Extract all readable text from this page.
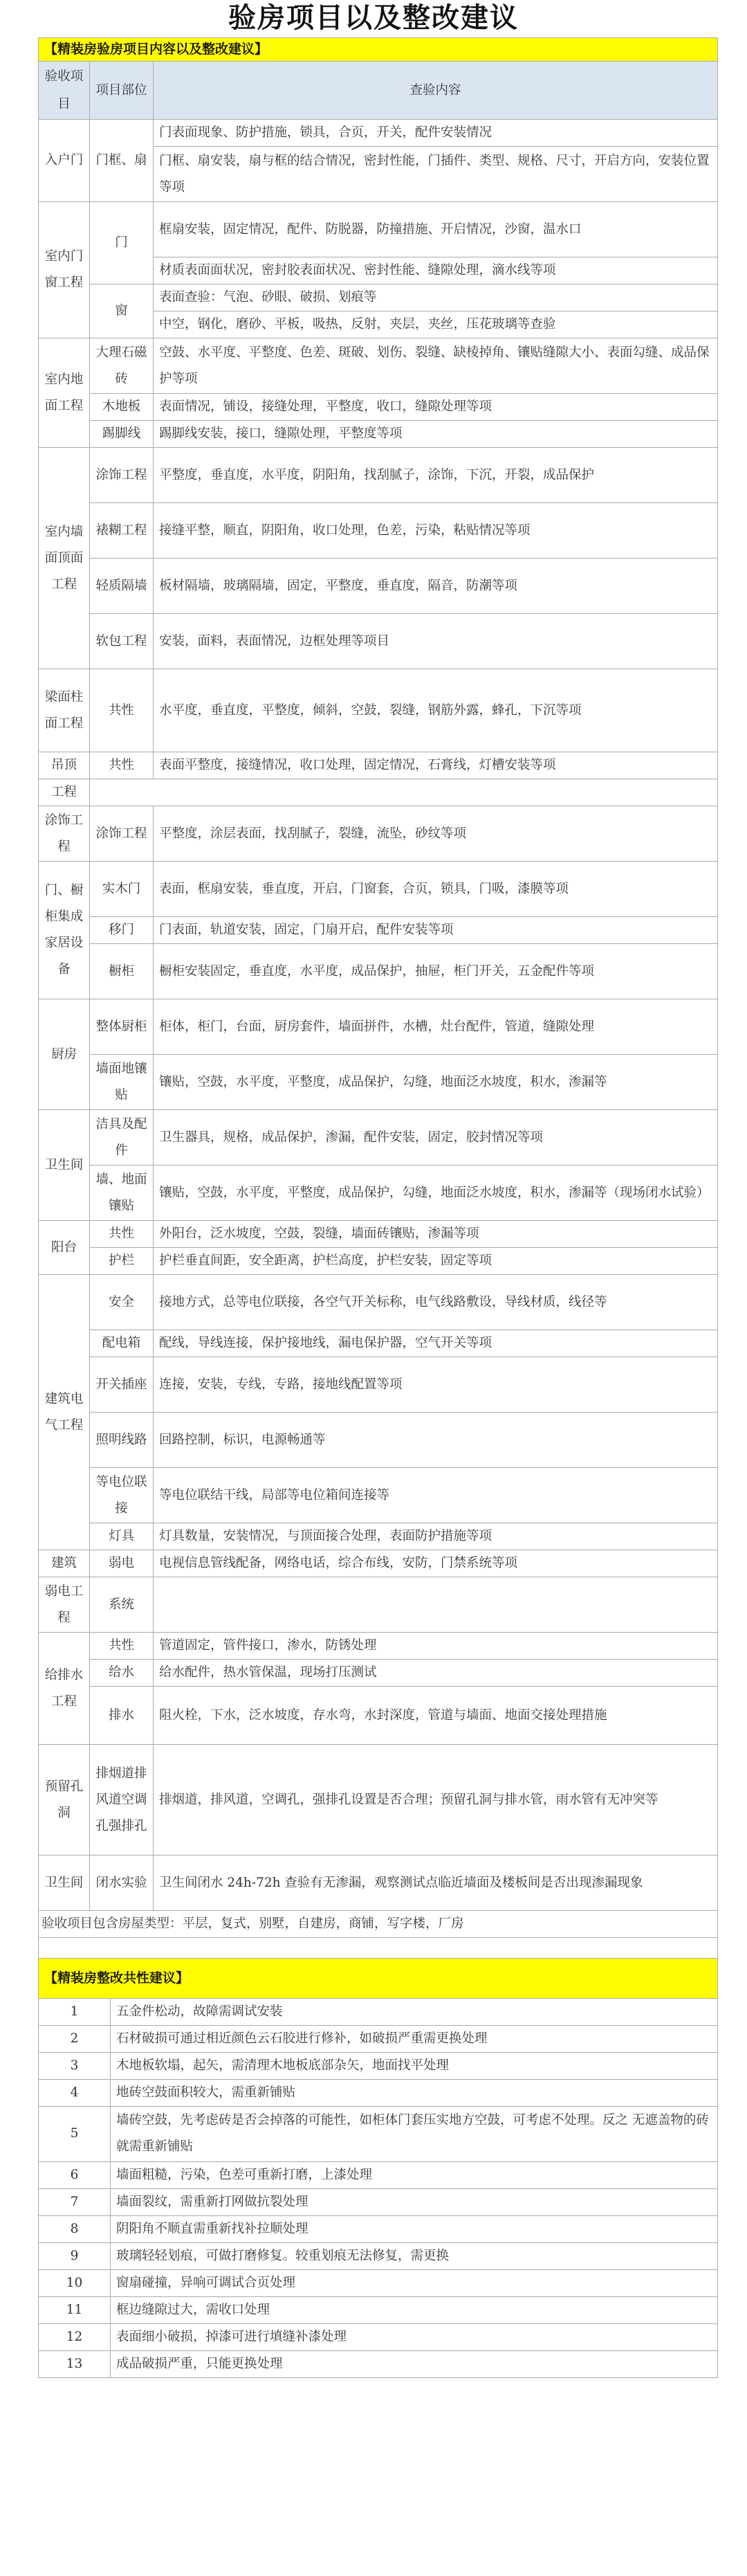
验房项目以及整改建议
【精装房验房项目内容以及整改建议】		
验收项目	项目部位	查验内容
入户门	门框、扇	门表面现象、防护措施，锁具，合页，开关，配件安装情况
		门框、扇安装，扇与框的结合情况，密封性能，门插件、类型、规格、尺寸，开启方向，安装位置等项
室内门窗工程	门	框扇安装，固定情况，配件、防脱器，防撞措施、开启情况，沙窗，温水口
		材质表面面状况，密封胶表面状况、密封性能、缝隙处理，滴水线等项
	窗	表面查验：气泡、砂眼、破损、划痕等
		中空，钢化，磨砂、平板，吸热，反射，夹层，夹丝，压花玻璃等查验
室内地面工程	大理石磁砖	空鼓、水平度、平整度、色差、斑破、划伤、裂缝、缺棱掉角、镶贴缝隙大小、表面勾缝、成品保护等项
	木地板	表面情况，铺设，接缝处理，平整度，收口，缝隙处理等项
	踢脚线	踢脚线安装，接口，缝隙处理，平整度等项
室内墙面顶面工程	涂饰工程	平整度，垂直度，水平度，阴阳角，找刮腻子，涂饰，下沉，开裂，成品保护
	裱糊工程	接缝平整，顺直，阴阳角，收口处理，色差，污染，粘贴情况等项
	轻质隔墙	板材隔墙，玻璃隔墙，固定，平整度，垂直度，隔音，防潮等项
	软包工程	安装，面料，表面情况，边框处理等项目
梁面柱面工程	共性	水平度，垂直度，平整度，倾斜，空鼓，裂缝，钢筋外露，蜂孔，下沉等项
吊顶	共性	表面平整度，接缝情况，收口处理，固定情况，石膏线，灯槽安装等项
工程		
涂饰工程	涂饰工程	平整度，涂层表面，找刮腻子，裂缝，流坠，砂纹等项
门、橱柜集成家居设备	实木门	表面，框扇安装，垂直度，开启，门窗套，合页，锁具，门吸，漆膜等项
	移门	门表面，轨道安装，固定，门扇开启，配件安装等项
	橱柜	橱柜安装固定，垂直度，水平度，成品保护，抽屉，柜门开关，五金配件等项
厨房	整体厨柜	柜体，柜门，台面，厨房套件，墙面拼件，水槽，灶台配件，管道，缝隙处理
	墙面地镶贴	镶贴，空鼓，水平度，平整度，成品保护，勾缝，地面泛水坡度，积水，渗漏等
卫生间	洁具及配件	卫生器具，规格，成品保护，渗漏，配件安装，固定，胶封情况等项
	墙、地面镶贴	镶贴，空鼓，水平度，平整度，成品保护，勾缝，地面泛水坡度，积水，渗漏等（现场闭水试验）
阳台	共性	外阳台，泛水坡度，空鼓，裂缝，墙面砖镶贴，渗漏等项
	护栏	护栏垂直间距，安全距离，护栏高度，护栏安装，固定等项
建筑电气工程	安全	接地方式，总等电位联接，各空气开关标称，电气线路敷设，导线材质，线径等
	配电箱	配线，导线连接，保护接地线，漏电保护器，空气开关等项
	开关插座	连接，安装，专线，专路，接地线配置等项
	照明线路	回路控制，标识，电源畅通等
	等电位联接	等电位联结干线，局部等电位箱间连接等
	灯具	灯具数量，安装情况，与顶面接合处理，表面防护措施等项
建筑	弱电	电视信息管线配备，网络电话，综合布线，安防，门禁系统等项
弱电工程	系统	
给排水工程	共性	管道固定，管件接口，渗水，防锈处理
	给水	给水配件，热水管保温，现场打压测试
	排水	阻火栓，下水，泛水坡度，存水弯，水封深度，管道与墙面、地面交接处理措施
预留孔洞	排烟道排风道空调孔强排孔	排烟道，排风道，空调孔，强排孔设置是否合理；预留孔洞与排水管，雨水管有无冲突等
卫生间	闭水实验	卫生间闭水 24h-72h 查验有无渗漏，观察测试点临近墙面及楼板间是否出现渗漏现象
验收项目包含房屋类型：平层，复式，别墅，自建房，商铺，写字楼，厂房		

【精装房整改共性建议】	
1	五金件松动，故障需调试安装
2	石材破损可通过相近颜色云石胶进行修补，如破损严重需更换处理
3	木地板软塌，起矢，需清理木地板底部杂矢，地面找平处理
4	地砖空鼓面积较大，需重新铺贴
5	墙砖空鼓，先考虑砖是否会掉落的可能性，如柜体门套压实地方空鼓，可考虑不处理。反之 无遮盖物的砖就需重新铺贴
6	墙面粗糙，污染，色差可重新打磨，上漆处理
7	墙面裂纹，需重新打网做抗裂处理
8	阴阳角不顺直需重新找补拉顺处理
9	玻璃轻轻划痕，可做打磨修复。较重划痕无法修复，需更换
10	窗扇碰撞，异响可调试合页处理
11	框边缝隙过大，需收口处理
12	表面细小破损，掉漆可进行填缝补漆处理
13	成品破损严重，只能更换处理
